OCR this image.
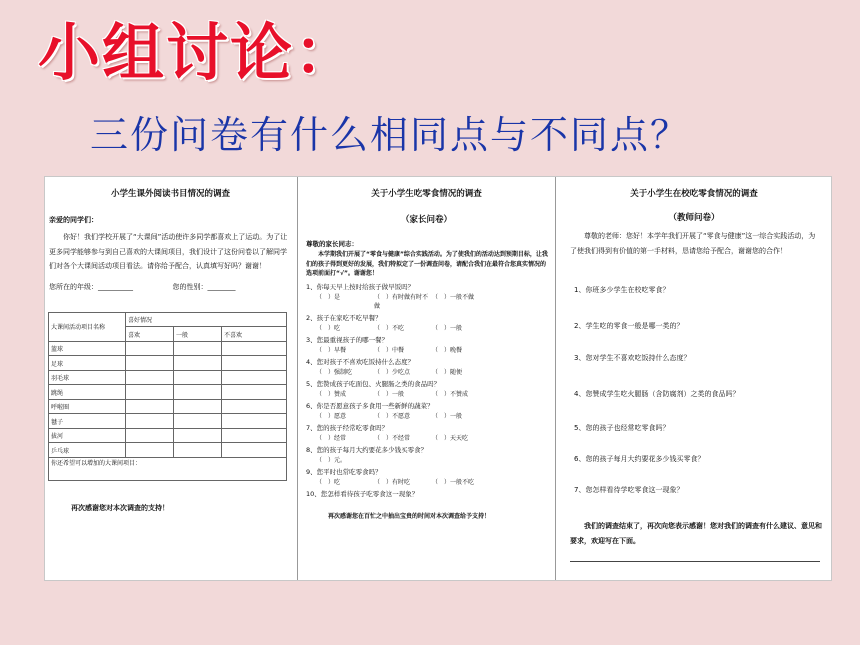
小组讨论：
三份问卷有什么相同点与不同点？
小学生课外阅读书目情况的调查
亲爱的同学们：
你好！我们学校开展了“大课间”活动使许多同学都喜欢上了运动。为了让更多同学能够参与到自己喜欢的大课间项目，我们设计了这份问卷以了解同学们对各个大课间活动项目看法。请你给予配合，认真填写好吗？谢谢！
您所在的年级：__________	您的性别：________
大课间活动项目名称	喜好情况		
	喜欢	一般	不喜欢
篮球			
足球			
羽毛球			
跳绳			
呼啦圈			
毽子			
拔河			
乒乓球			
你还希望可以增加的大课间项目：			
再次感谢您对本次调查的支持！
关于小学生吃零食情况的调查
（家长问卷）
尊敬的家长同志：
本学期我们开展了“零食与健康”综合实践活动。为了使我们的活动达到预期目标，让我们的孩子得到更好的发展，我们特拟定了一份调查问卷，请配合我们在最符合您真实情况的选项前面打“√”。谢谢您！
1、你每天早上按时给孩子做早饭吗？
（　）是	（　）有时做有时不做
（　）一般不做
2、孩子在家吃不吃早餐？
（　）吃	（　）不吃	（　）一般
3、您最重视孩子的哪一餐？
（　）早餐	（　）中餐	（　）晚餐
4、您对孩子不喜欢吃饭持什么态度？
（　）强制吃	（　）少吃点	（　）随便
5、您赞成孩子吃面包、火腿肠之类的食品吗？
（　）赞成	（　）一般	（　）不赞成
6、你是否愿意孩子多食用一些新鲜的蔬菜？
（　）愿意	（　）不愿意	（　）一般
7、您的孩子经常吃零食吗？
（　）经常	（　）不经常	（　）天天吃
8、您的孩子每月大约要花多少钱买零食？
（　）元。
9、您平时也常吃零食吗？
（　）吃	（　）有时吃	（　）一般不吃
10、您怎样看待孩子吃零食这一现象？
再次感谢您在百忙之中抽出宝贵的时间对本次调查给予支持！
关于小学生在校吃零食情况的调查
（教师问卷）
尊敬的老师：您好！本学年我们开展了“零食与健康”这一综合实践活动，为了使我们得到有价值的第一手材料，恳请您给予配合，谢谢您的合作！
1、你班多少学生在校吃零食？
2、学生吃的零食一般是哪一类的？
3、您对学生不喜欢吃饭持什么态度？
4、您赞成学生吃火腿肠（含防腐剂）之类的食品吗？
5、您的孩子也经常吃零食吗？
6、您的孩子每月大约要花多少钱买零食？
7、您怎样看待学吃零食这一现象？
我们的调查结束了，再次向您表示感谢！您对我们的调查有什么建议、意见和要求，欢迎写在下面。
